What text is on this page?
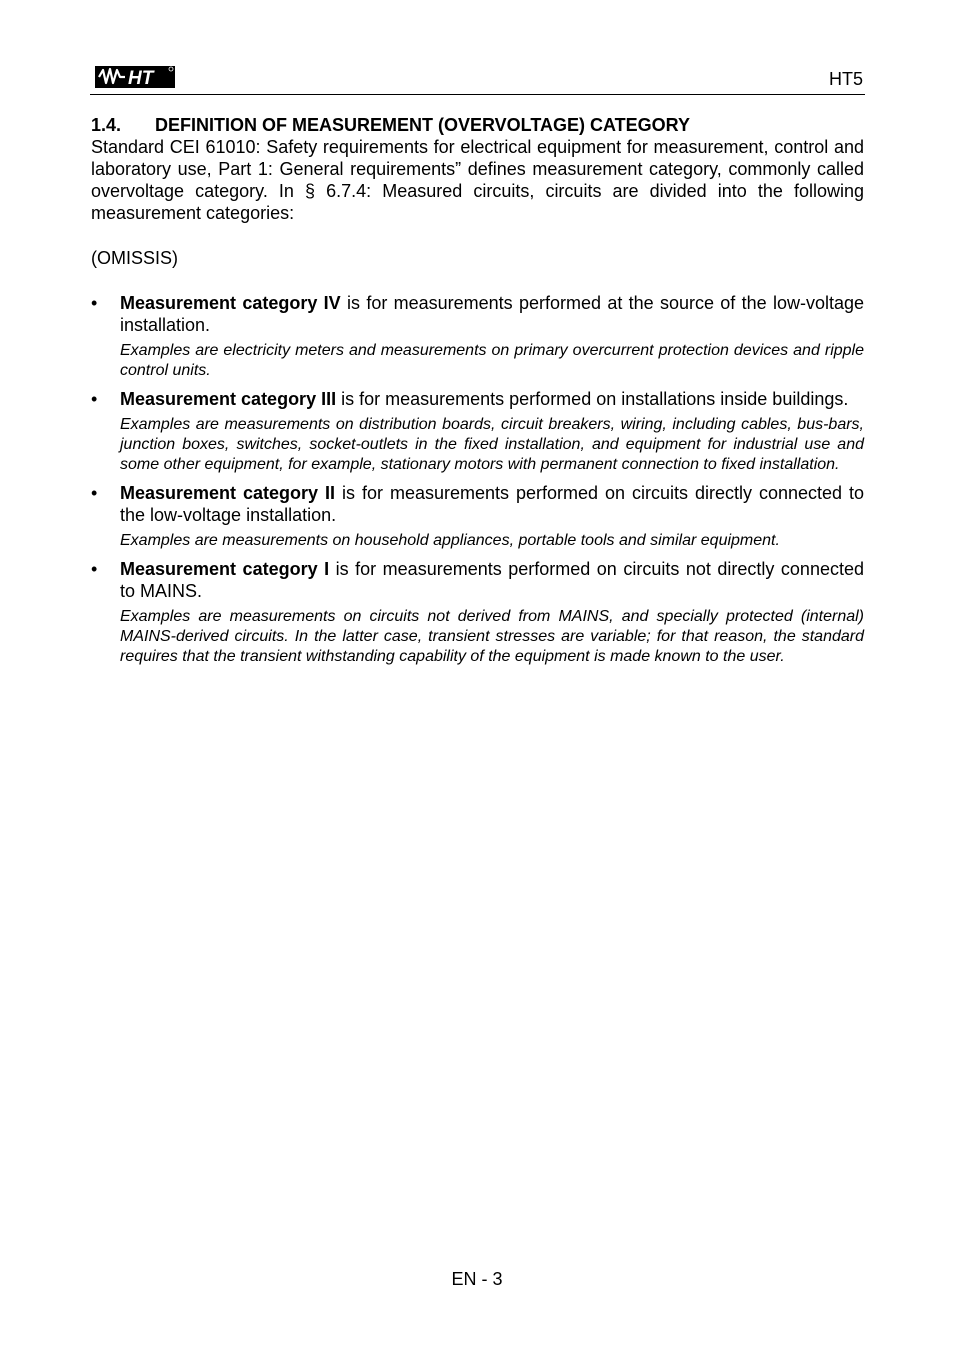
HT	HT5
1.4. DEFINITION OF MEASUREMENT (OVERVOLTAGE) CATEGORY

Standard CEI 61010: Safety requirements for electrical equipment for measurement, control and laboratory use, Part 1: General requirements” defines measurement category, commonly called overvoltage category. In § 6.7.4: Measured circuits, circuits are divided into the following measurement categories:

(OMISSIS)

• Measurement category IV is for measurements performed at the source of the low-voltage installation.

Examples are electricity meters and measurements on primary overcurrent protection devices and ripple control units.

• Measurement category III is for measurements performed on installations inside buildings.

Examples are measurements on distribution boards, circuit breakers, wiring, including cables, bus-bars, junction boxes, switches, socket-outlets in the fixed installation, and equipment for industrial use and some other equipment, for example, stationary motors with permanent connection to fixed installation.

• Measurement category II is for measurements performed on circuits directly connected to the low-voltage installation.

Examples are measurements on household appliances, portable tools and similar equipment.

• Measurement category I is for measurements performed on circuits not directly connected to MAINS.

Examples are measurements on circuits not derived from MAINS, and specially protected (internal) MAINS-derived circuits. In the latter case, transient stresses are variable; for that reason, the standard requires that the transient withstanding capability of the equipment is made known to the user.

EN - 3
